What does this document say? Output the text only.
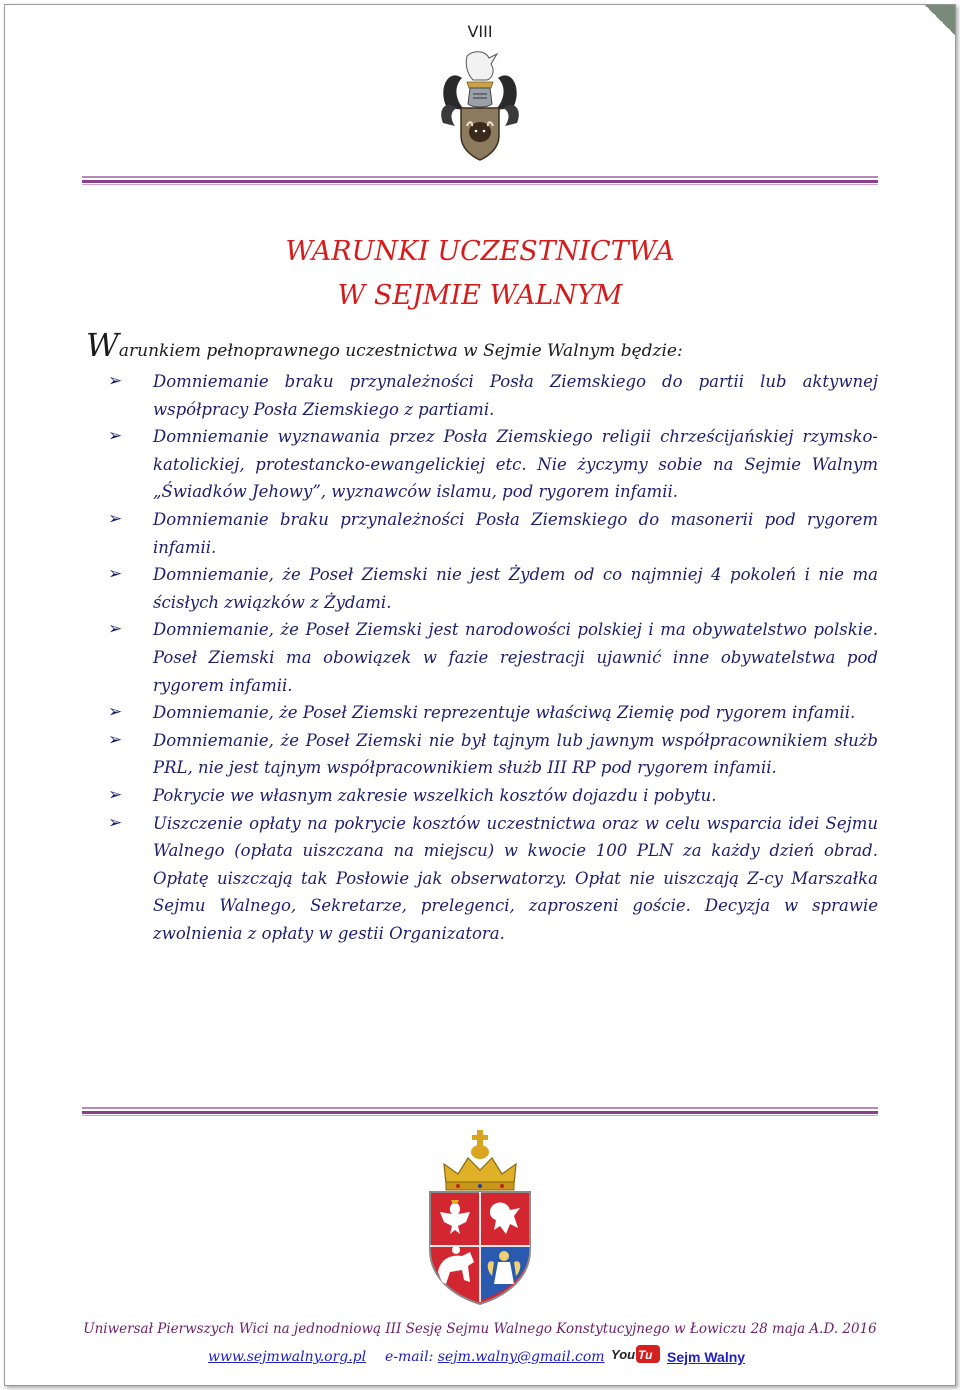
VIII
WARUNKI UCZESTNICTWA
W SEJMIE WALNYM
Warunkiem pełnoprawnego uczestnictwa w Sejmie Walnym będzie:
➢ Domniemanie braku przynależności Posła Ziemskiego do partii lub aktywnej współpracy Posła Ziemskiego z partiami.
➢ Domniemanie wyznawania przez Posła Ziemskiego religii chrześcijańskiej rzymsko-katolickiej, protestancko-ewangelickiej etc. Nie życzymy sobie na Sejmie Walnym „Świadków Jehowy”, wyznawców islamu, pod rygorem infamii.
➢ Domniemanie braku przynależności Posła Ziemskiego do masonerii pod rygorem infamii.
➢ Domniemanie, że Poseł Ziemski nie jest Żydem od co najmniej 4 pokoleń i nie ma ścisłych związków z Żydami.
➢ Domniemanie, że Poseł Ziemski jest narodowości polskiej i ma obywatelstwo polskie. Poseł Ziemski ma obowiązek w fazie rejestracji ujawnić inne obywatelstwa pod rygorem infamii.
➢ Domniemanie, że Poseł Ziemski reprezentuje właściwą Ziemię pod rygorem infamii.
➢ Domniemanie, że Poseł Ziemski nie był tajnym lub jawnym współpracownikiem służb PRL, nie jest tajnym współpracownikiem służb III RP pod rygorem infamii.
➢ Pokrycie we własnym zakresie wszelkich kosztów dojazdu i pobytu.
➢ Uiszczenie opłaty na pokrycie kosztów uczestnictwa oraz w celu wsparcia idei Sejmu Walnego (opłata uiszczana na miejscu) w kwocie 100 PLN za każdy dzień obrad. Opłatę uiszczają tak Posłowie jak obserwatorzy. Opłat nie uiszczają Z-cy Marszałka Sejmu Walnego, Sekretarze, prelegenci, zaproszeni goście. Decyzja w sprawie zwolnienia z opłaty w gestii Organizatora.
Uniwersał Pierwszych Wici na jednodniową III Sesję Sejmu Walnego Konstytucyjnego w Łowiczu 28 maja A.D. 2016
www.sejmwalny.org.pl e-mail: sejm.walny@gmail.com You Tu Sejm Walny
